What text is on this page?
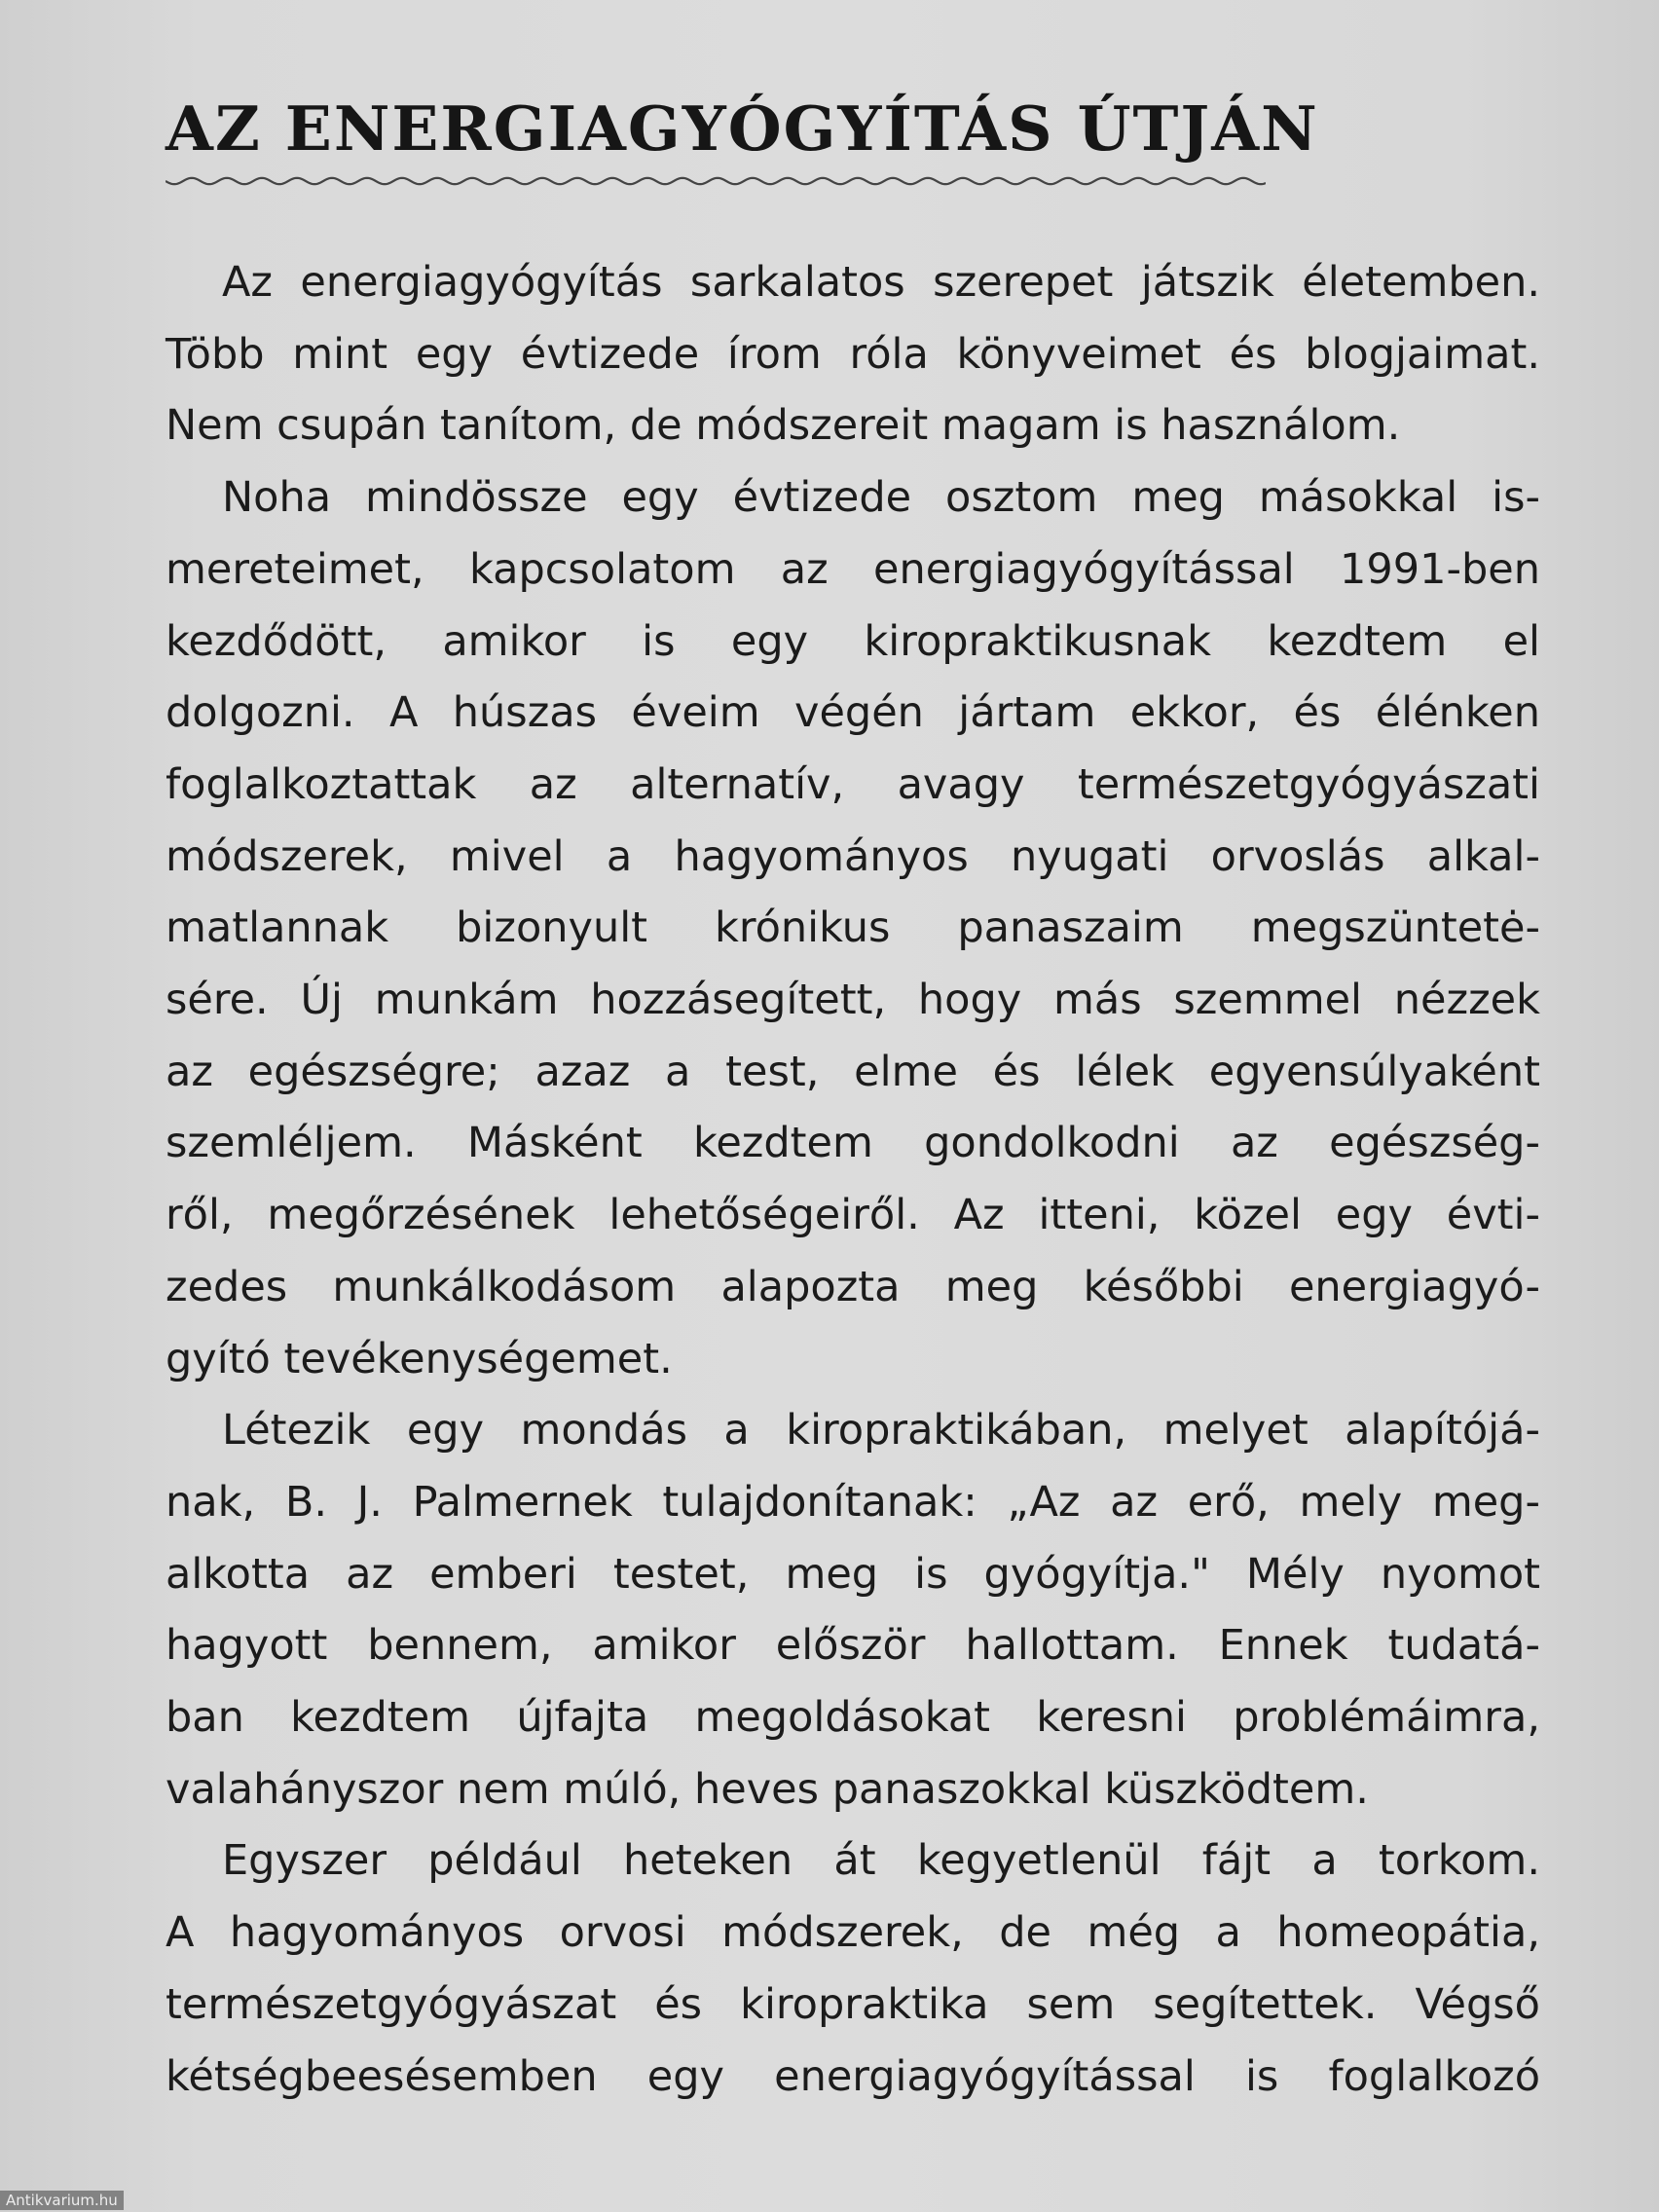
AZ ENERGIAGYÓGYÍTÁS ÚTJÁN

Az energiagyógyítás sarkalatos szerepet játszik életemben.
Több mint egy évtizede írom róla könyveimet és blogjaimat.
Nem csupán tanítom, de módszereit magam is használom.

Noha mindössze egy évtizede osztom meg másokkal is-
mereteimet, kapcsolatom az energiagyógyítással 1991-ben
kezdődött, amikor is egy kiropraktikusnak kezdtem el
dolgozni. A húszas éveim végén jártam ekkor, és élénken
foglalkoztattak az alternatív, avagy természetgyógyászati
módszerek, mivel a hagyományos nyugati orvoslás alkal-
matlannak bizonyult krónikus panaszaim megszüntetė-
sére. Új munkám hozzásegített, hogy más szemmel nézzek
az egészségre; azaz a test, elme és lélek egyensúlyaként
szemléljem. Másként kezdtem gondolkodni az egészség-
ről, megőrzésének lehetőségeiről. Az itteni, közel egy évti-
zedes munkálkodásom alapozta meg későbbi energiagyó-
gyító tevékenységemet.

Létezik egy mondás a kiropraktikában, melyet alapítójá-
nak, B. J. Palmernek tulajdonítanak: „Az az erő, mely meg-
alkotta az emberi testet, meg is gyógyítja." Mély nyomot
hagyott bennem, amikor először hallottam. Ennek tudatá-
ban kezdtem újfajta megoldásokat keresni problémáimra,
valahányszor nem múló, heves panaszokkal küszködtem.

Egyszer például heteken át kegyetlenül fájt a torkom.
A hagyományos orvosi módszerek, de még a homeopátia,
természetgyógyászat és kiropraktika sem segítettek. Végső
kétségbeesésemben egy energiagyógyítással is foglalkozó

Antikvarium.hu
